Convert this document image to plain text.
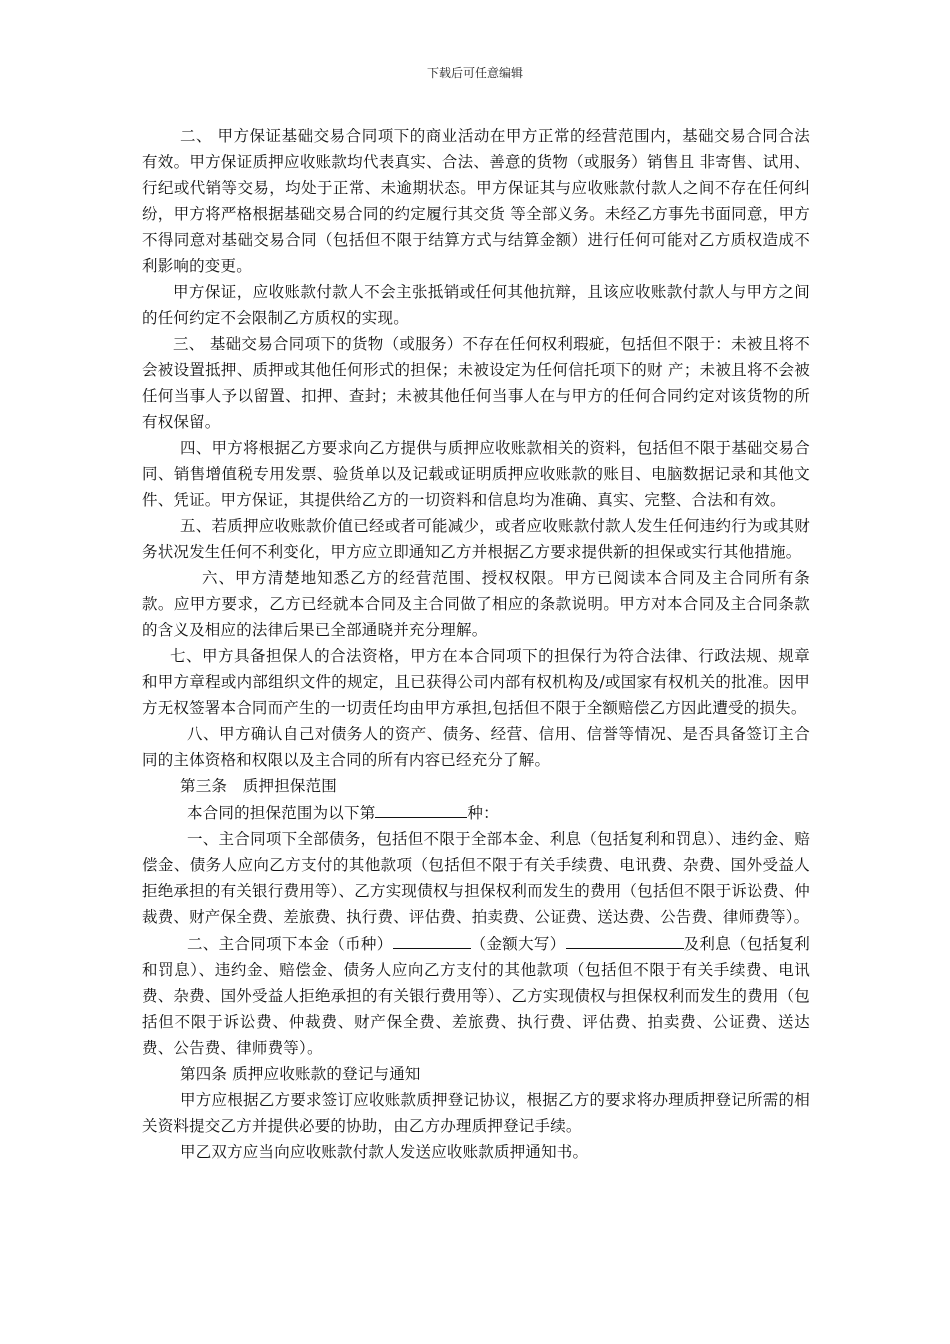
下载后可任意编辑

二、 甲方保证基础交易合同项下的商业活动在甲方正常的经营范围内，基础交易合同合法有效。甲方保证质押应收账款均代表真实、合法、善意的货物（或服务）销售且 非寄售、试用、行纪或代销等交易，均处于正常、未逾期状态。甲方保证其与应收账款付款人之间不存在任何纠纷，甲方将严格根据基础交易合同的约定履行其交货 等全部义务。未经乙方事先书面同意，甲方不得同意对基础交易合同（包括但不限于结算方式与结算金额）进行任何可能对乙方质权造成不利影响的变更。

甲方保证，应收账款付款人不会主张抵销或任何其他抗辩，且该应收账款付款人与甲方之间的任何约定不会限制乙方质权的实现。

三、 基础交易合同项下的货物（或服务）不存在任何权利瑕疵，包括但不限于：未被且将不会被设置抵押、质押或其他任何形式的担保；未被设定为任何信托项下的财 产；未被且将不会被任何当事人予以留置、扣押、查封；未被其他任何当事人在与甲方的任何合同约定对该货物的所有权保留。

四、甲方将根据乙方要求向乙方提供与质押应收账款相关的资料，包括但不限于基础交易合同、销售增值税专用发票、验货单以及记载或证明质押应收账款的账目、电脑数据记录和其他文件、凭证。甲方保证，其提供给乙方的一切资料和信息均为准确、真实、完整、合法和有效。

五、若质押应收账款价值已经或者可能减少，或者应收账款付款人发生任何违约行为或其财务状况发生任何不利变化，甲方应立即通知乙方并根据乙方要求提供新的担保或实行其他措施。

六、甲方清楚地知悉乙方的经营范围、授权权限。甲方已阅读本合同及主合同所有条款。应甲方要求，乙方已经就本合同及主合同做了相应的条款说明。甲方对本合同及主合同条款的含义及相应的法律后果已全部通晓并充分理解。

七、甲方具备担保人的合法资格，甲方在本合同项下的担保行为符合法律、行政法规、规章和甲方章程或内部组织文件的规定，且已获得公司内部有权机构及/或国家有权机关的批准。因甲方无权签署本合同而产生的一切责任均由甲方承担,包括但不限于全额赔偿乙方因此遭受的损失。

八、甲方确认自己对债务人的资产、债务、经营、信用、信誉等情况、是否具备签订主合同的主体资格和权限以及主合同的所有内容已经充分了解。

第三条　质押担保范围

本合同的担保范围为以下第	种：

一、主合同项下全部债务，包括但不限于全部本金、利息（包括复利和罚息）、违约金、赔偿金、债务人应向乙方支付的其他款项（包括但不限于有关手续费、电讯费、杂费、国外受益人拒绝承担的有关银行费用等）、乙方实现债权与担保权利而发生的费用（包括但不限于诉讼费、仲裁费、财产保全费、差旅费、执行费、评估费、拍卖费、公证费、送达费、公告费、律师费等）。

二、主合同项下本金（币种）	（金额大写）	及利息（包括复利和罚息）、违约金、赔偿金、债务人应向乙方支付的其他款项（包括但不限于有关手续费、电讯费、杂费、国外受益人拒绝承担的有关银行费用等）、乙方实现债权与担保权利而发生的费用（包括但不限于诉讼费、仲裁费、财产保全费、差旅费、执行费、评估费、拍卖费、公证费、送达费、公告费、律师费等）。

第四条 质押应收账款的登记与通知

甲方应根据乙方要求签订应收账款质押登记协议，根据乙方的要求将办理质押登记所需的相关资料提交乙方并提供必要的协助，由乙方办理质押登记手续。

甲乙双方应当向应收账款付款人发送应收账款质押通知书。
